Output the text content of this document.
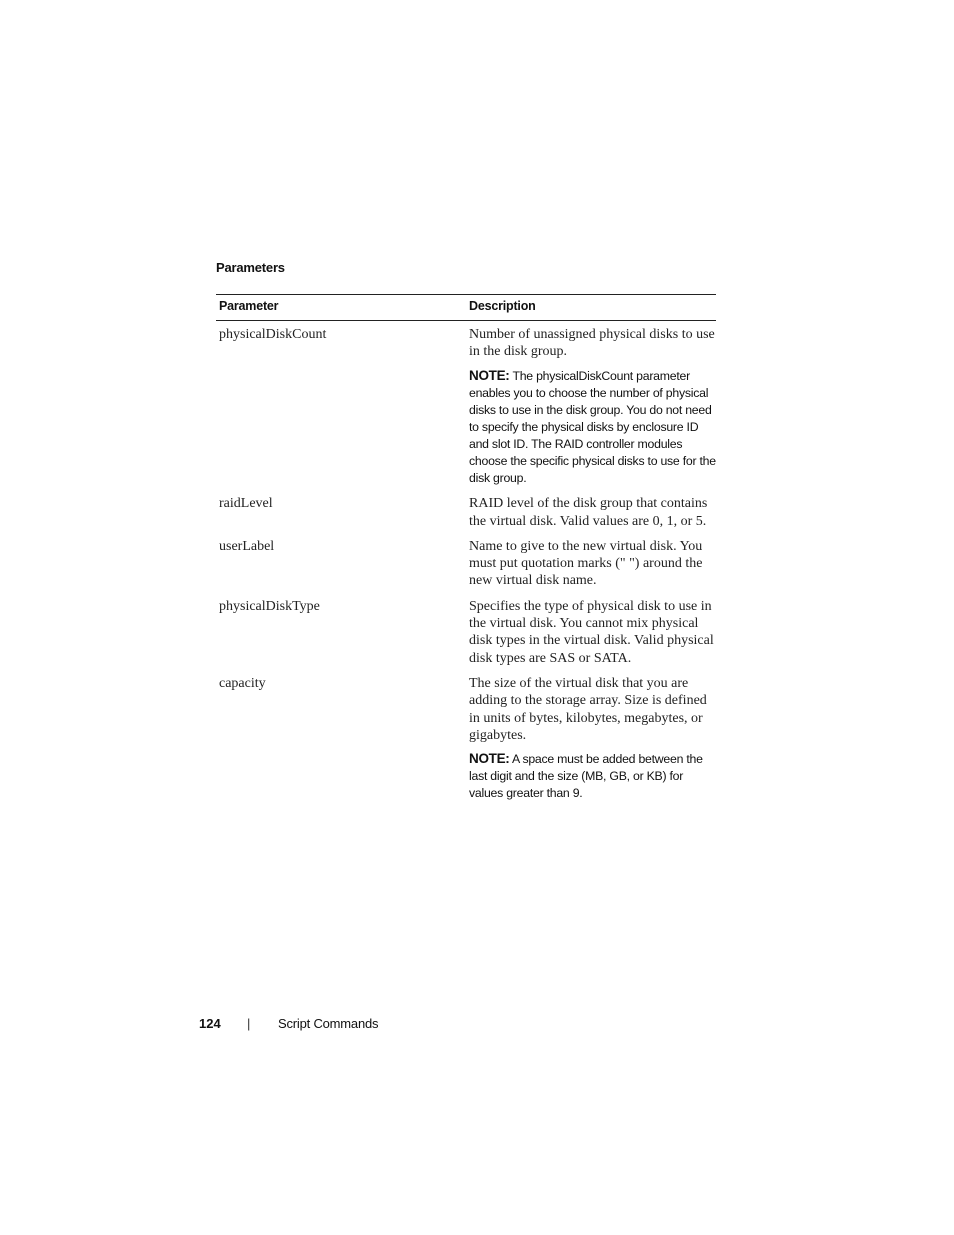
Parameters
Parameter	Description
physicalDiskCount	Number of unassigned physical disks to use in the disk group.

NOTE: The physicalDiskCount parameter enables you to choose the number of physical disks to use in the disk group. You do not need to specify the physical disks by enclosure ID and slot ID. The RAID controller modules choose the specific physical disks to use for the disk group.

raidLevel	RAID level of the disk group that contains the virtual disk. Valid values are 0, 1, or 5.

userLabel	Name to give to the new virtual disk. You must put quotation marks (" ") around the new virtual disk name.

physicalDiskType	Specifies the type of physical disk to use in the virtual disk. You cannot mix physical disk types in the virtual disk. Valid physical disk types are SAS or SATA.

capacity	The size of the virtual disk that you are adding to the storage array. Size is defined in units of bytes, kilobytes, megabytes, or gigabytes.

NOTE: A space must be added between the last digit and the size (MB, GB, or KB) for values greater than 9.

124 | Script Commands
